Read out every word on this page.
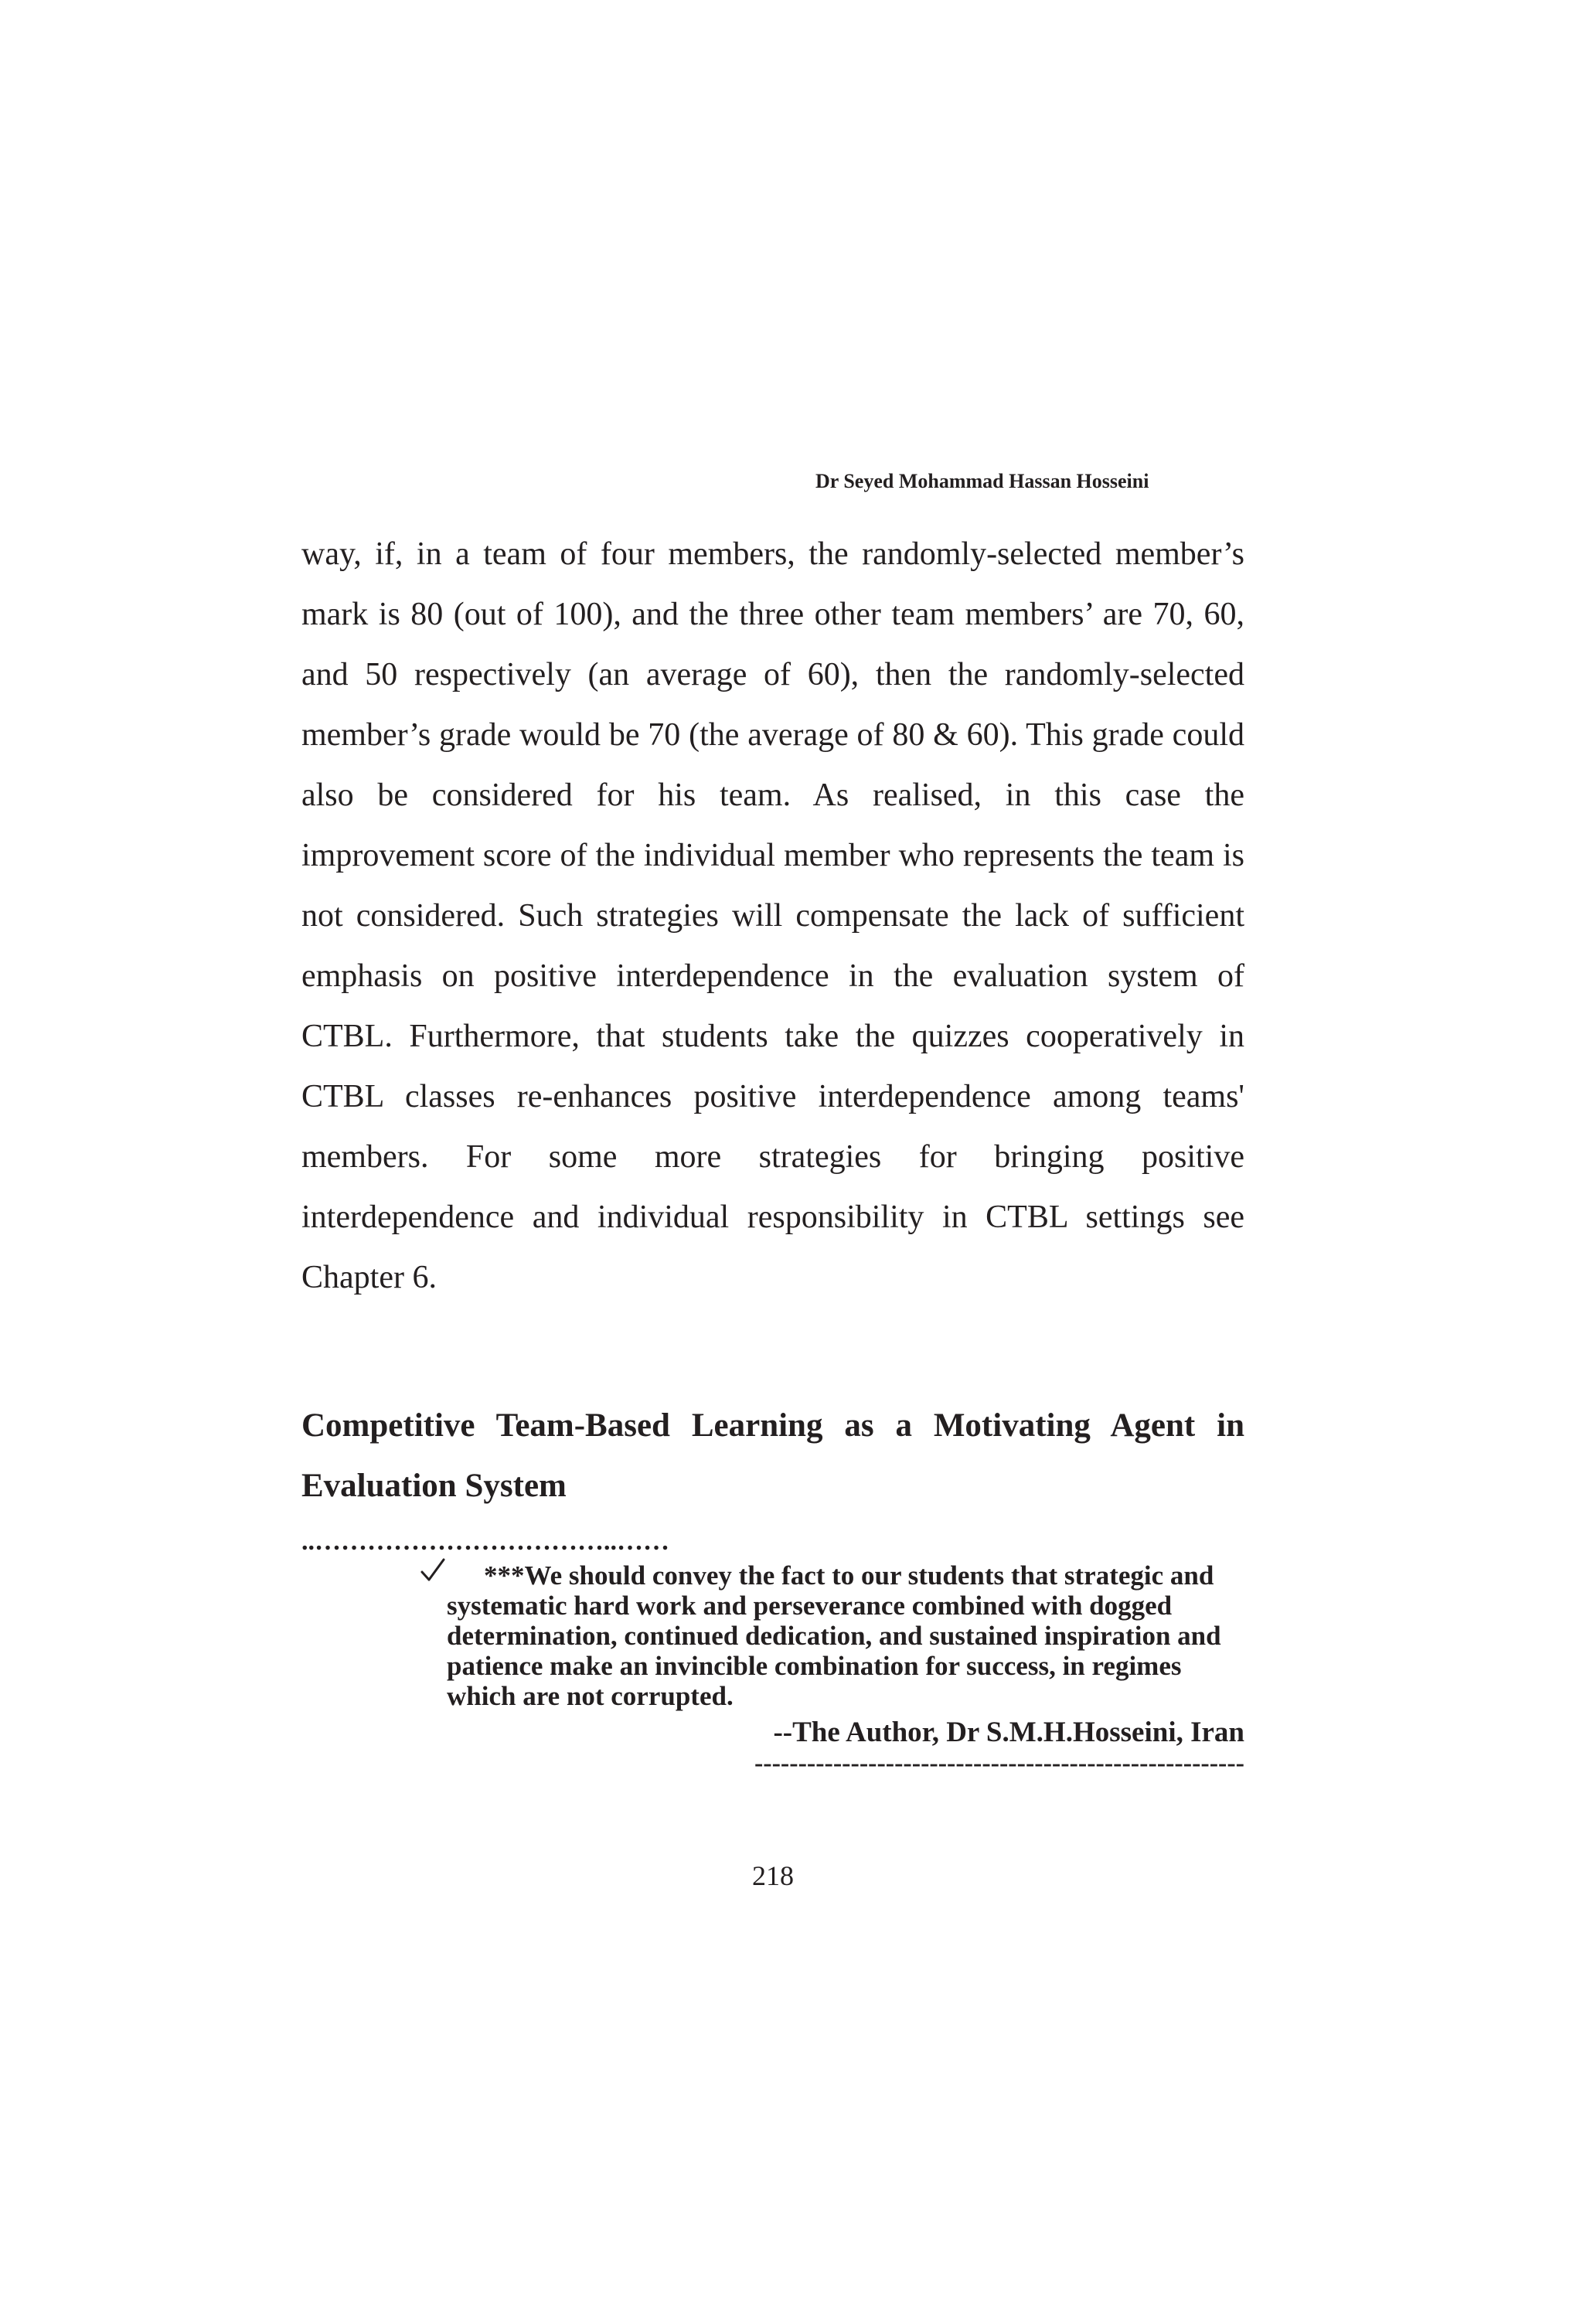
Dr Seyed Mohammad Hassan Hosseini

way, if, in a team of four members, the randomly-selected member’s mark is 80 (out of 100), and the three other team members’ are 70, 60, and 50 respectively (an average of 60), then the randomly-selected member’s grade would be 70 (the average of 80 & 60). This grade could also be considered for his team. As realised, in this case the improvement score of the individual member who represents the team is not considered. Such strategies will compensate the lack of sufficient emphasis on positive interdependence in the evaluation system of CTBL. Furthermore, that students take the quizzes cooperatively in CTBL classes re-enhances positive interdependence among teams' members. For some more strategies for bringing positive interdependence and individual responsibility in CTBL settings see Chapter 6.

Competitive Team-Based Learning as a Motivating Agent in Evaluation System
..……………………………..……

***We should convey the fact to our students that strategic and systematic hard work and perseverance combined with dogged determination, continued dedication, and sustained inspiration and patience make an invincible combination for success, in regimes which are not corrupted.

--The Author, Dr S.M.H.Hosseini, Iran
--------------------------------------------------------
218
